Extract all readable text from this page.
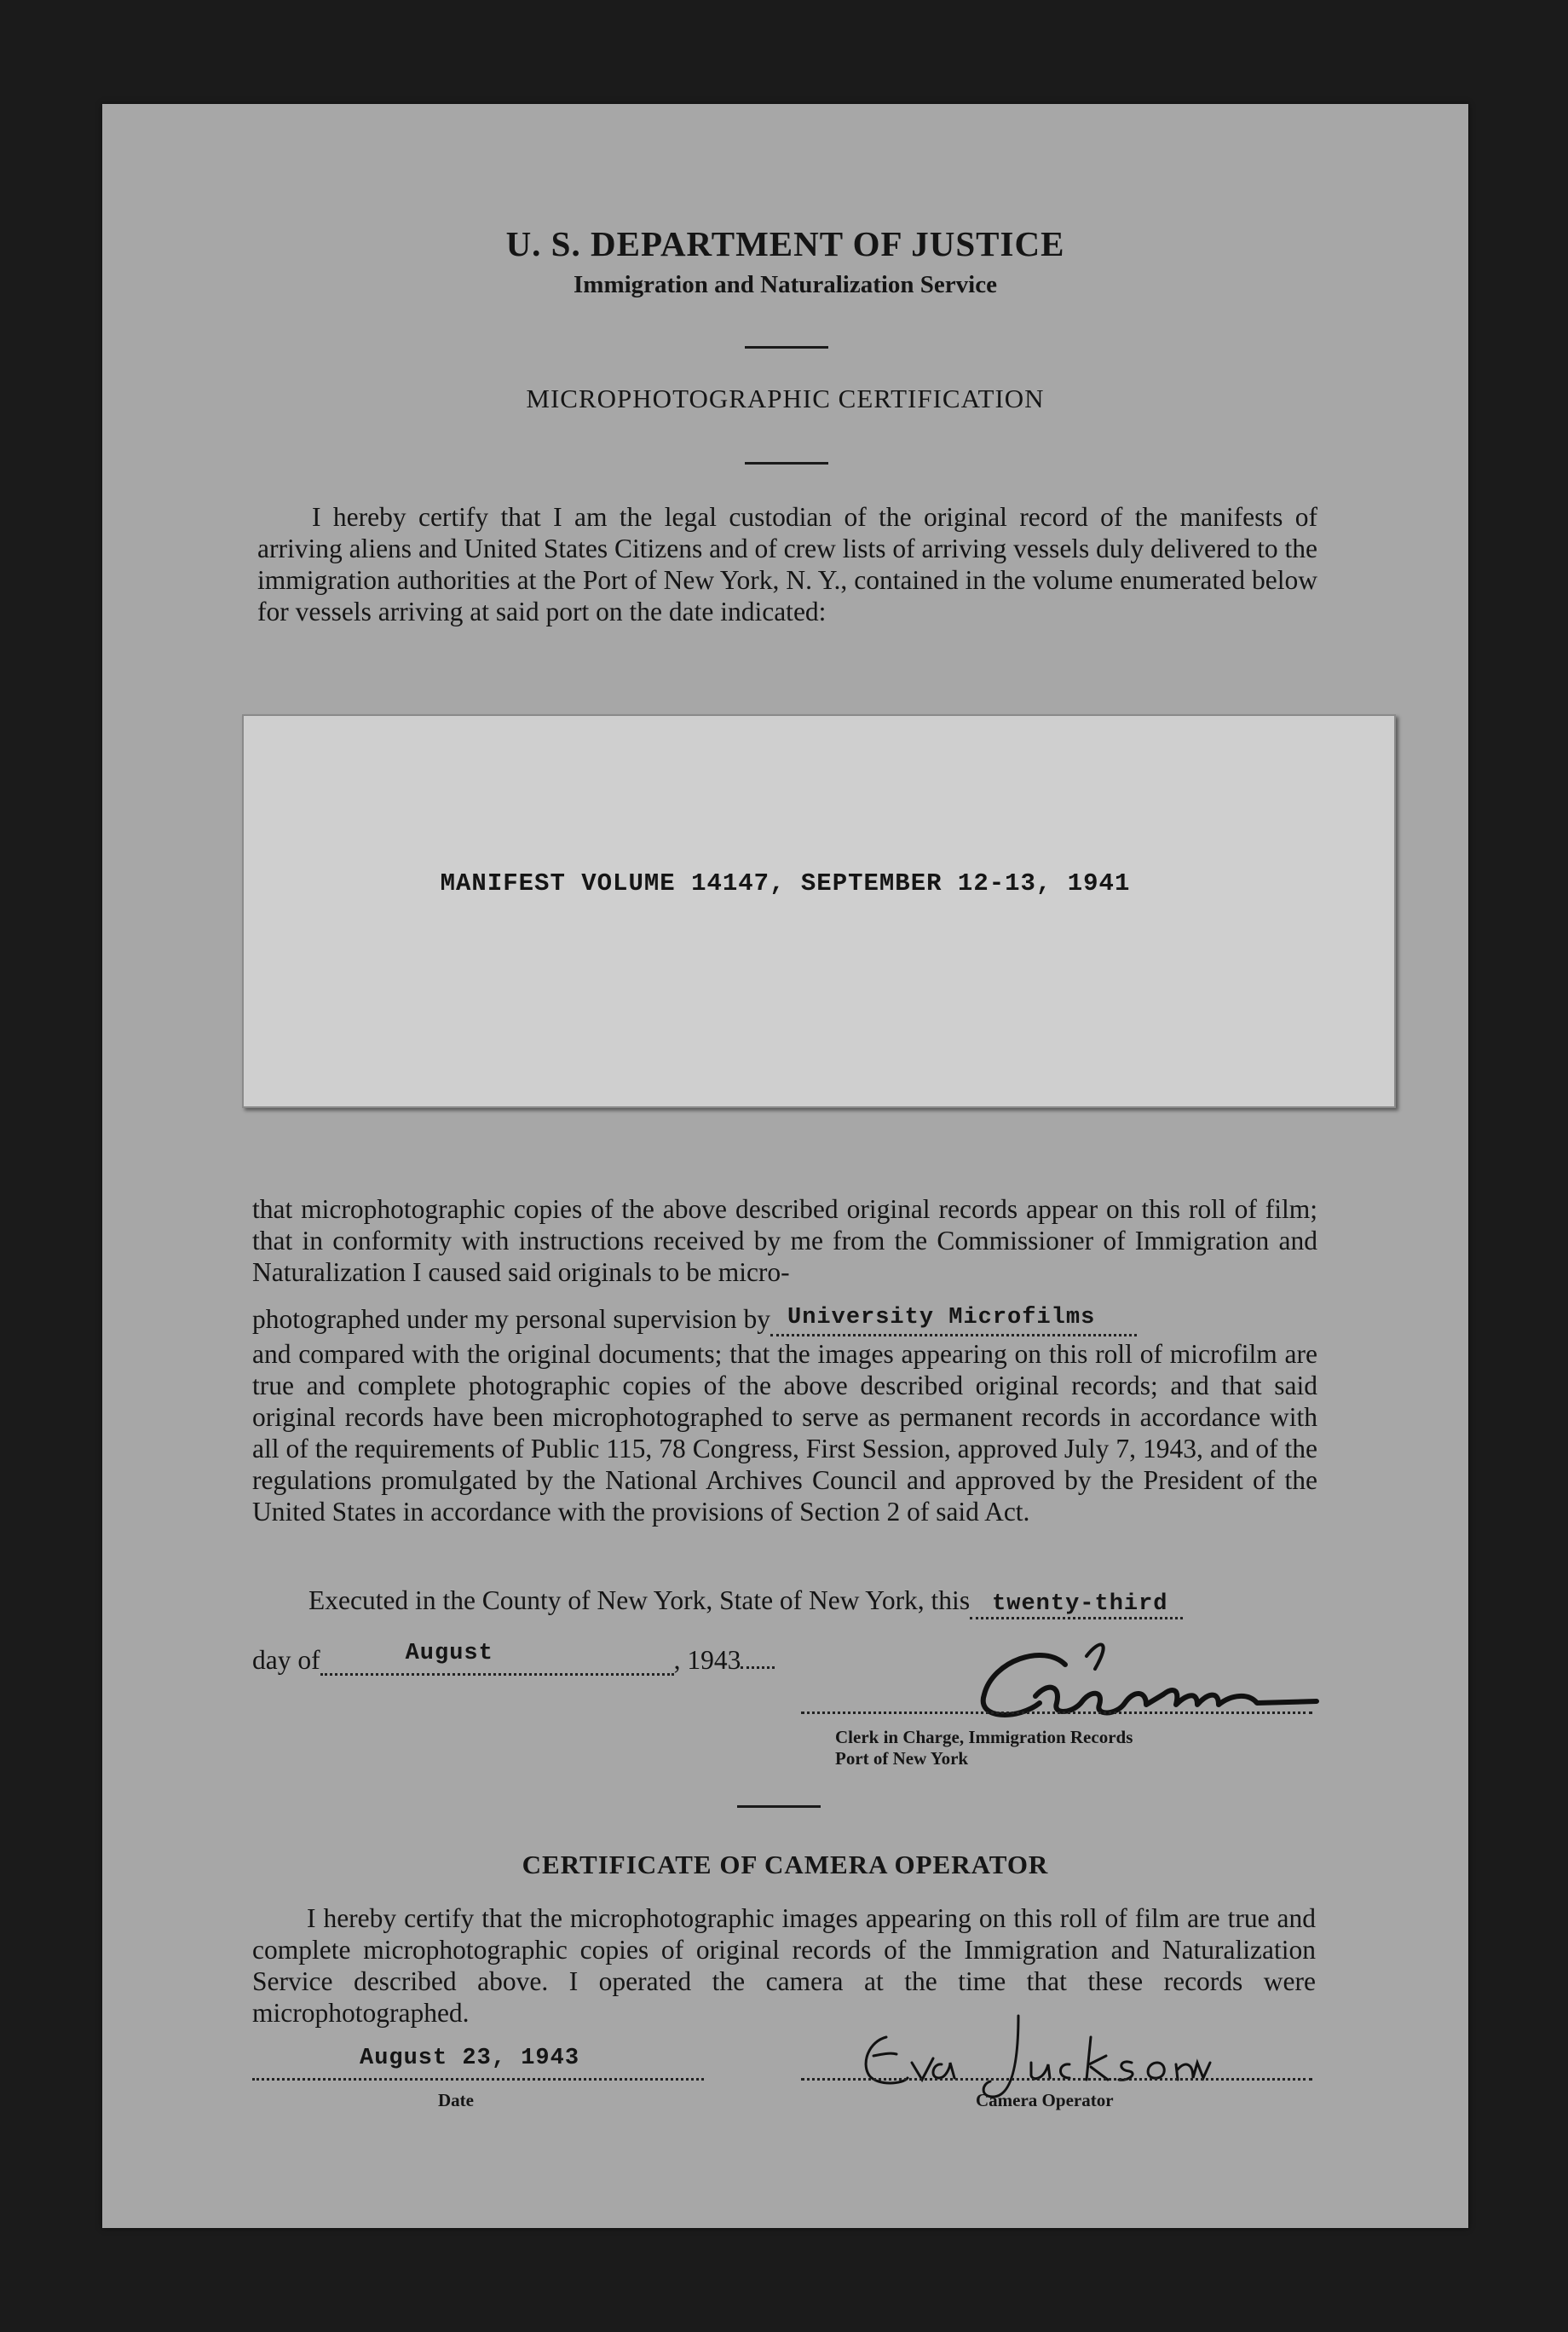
U. S. DEPARTMENT OF JUSTICE
Immigration and Naturalization Service
MICROPHOTOGRAPHIC CERTIFICATION
I hereby certify that I am the legal custodian of the original record of the manifests of arriving aliens and United States Citizens and of crew lists of arriving vessels duly delivered to the immigration authorities at the Port of New York, N. Y., contained in the volume enumerated below for vessels arriving at said port on the date indicated:
MANIFEST VOLUME 14147, SEPTEMBER 12-13, 1941
that microphotographic copies of the above described original records appear on this roll of film; that in conformity with instructions received by me from the Commissioner of Immigration and Naturalization I caused said originals to be micro-
photographed under my personal supervision by University Microfilms
and compared with the original documents; that the images appearing on this roll of microfilm are true and complete photographic copies of the above described original records; and that said original records have been microphotographed to serve as permanent records in accordance with all of the requirements of Public 115, 78 Congress, First Session, approved July 7, 1943, and of the regulations promulgated by the National Archives Council and approved by the President of the United States in accordance with the provisions of Section 2 of said Act.
Executed in the County of New York, State of New York, this twenty-third
day of	August	, 1943
Clerk in Charge, Immigration Records
Port of New York
CERTIFICATE OF CAMERA OPERATOR
I hereby certify that the microphotographic images appearing on this roll of film are true and complete microphotographic copies of original records of the Immigration and Naturalization Service described above. I operated the camera at the time that these records were microphotographed.
August 23, 1943
Date	Camera Operator
